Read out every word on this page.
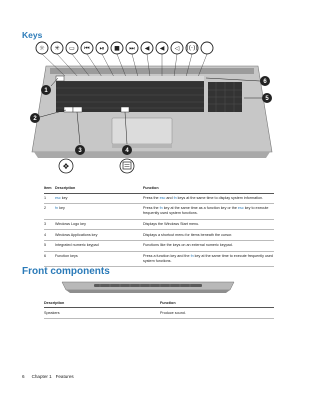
Keys
☼ ✳ ▭ ⏮ ⏯ ■ ⏭ ◀ ◀ ◁ ((·))
1
2
3
❖
4
5
6
Item	Description	Function
1	esc key	Press the esc and fn keys at the same time to display system information.
2	fn key	Press the fn key at the same time as a function key or the esc key to execute frequently used system functions.
3	Windows Logo key	Displays the Windows Start menu.
4	Windows Applications key	Displays a shortcut menu for items beneath the cursor.
5	Integrated numeric keypad	Functions like the keys on an external numeric keypad.
6	Function keys	Press a function key and the fn key at the same time to execute frequently used system functions.
Front components
Description	Function
Speakers	Produce sound.
6 Chapter 1   Features
